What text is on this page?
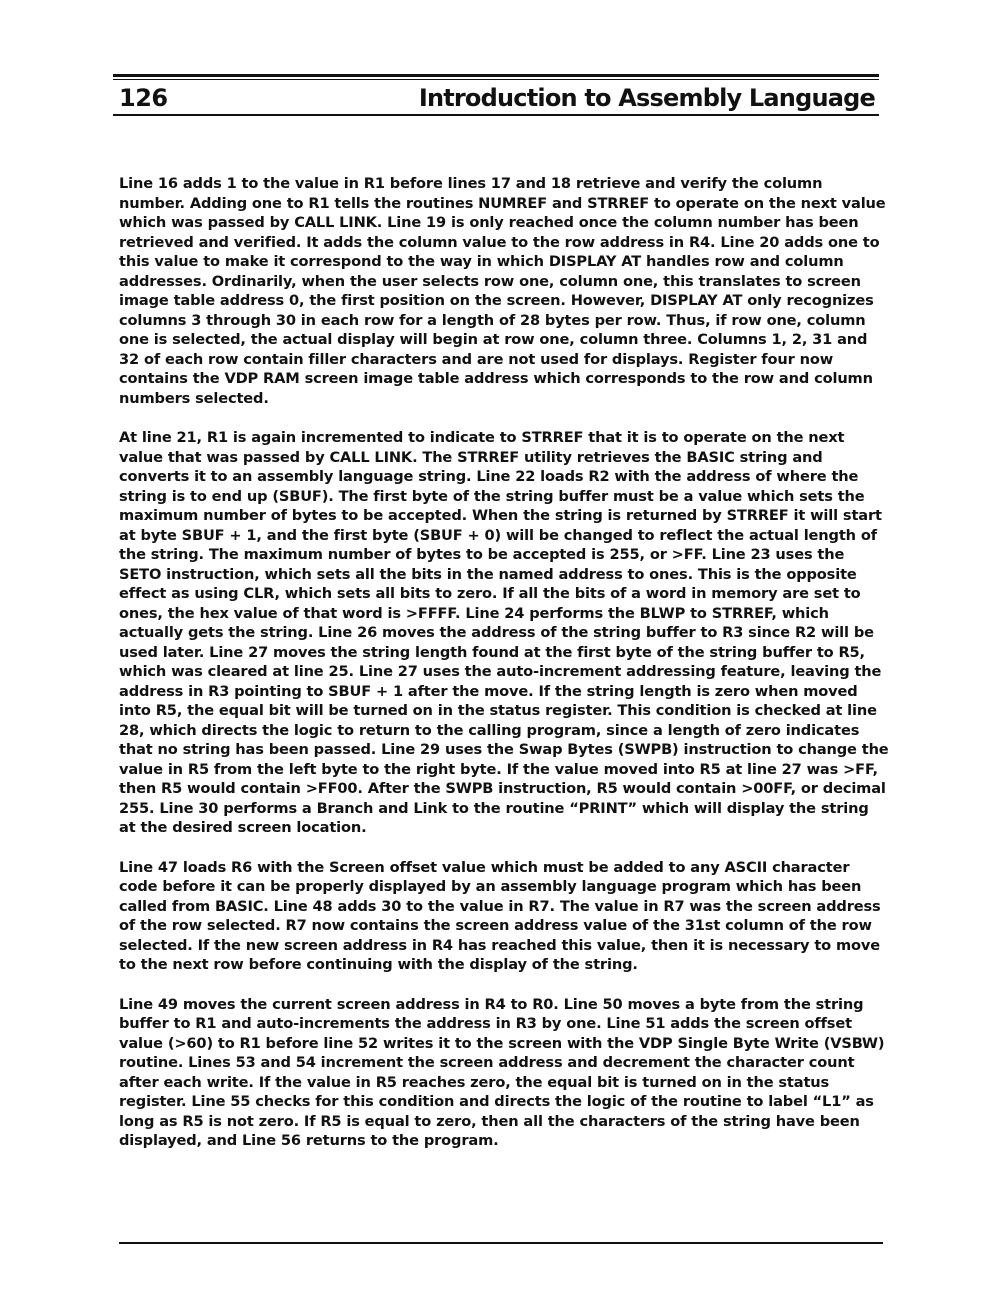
126	Introduction to Assembly Language

Line 16 adds 1 to the value in R1 before lines 17 and 18 retrieve and verify the column number. Adding one to R1 tells the routines NUMREF and STRREF to operate on the next value which was passed by CALL LINK. Line 19 is only reached once the column number has been retrieved and verified. It adds the column value to the row address in R4. Line 20 adds one to this value to make it correspond to the way in which DISPLAY AT handles row and column addresses. Ordinarily, when the user selects row one, column one, this translates to screen image table address 0, the first position on the screen. However, DISPLAY AT only recognizes columns 3 through 30 in each row for a length of 28 bytes per row. Thus, if row one, column one is selected, the actual display will begin at row one, column three. Columns 1, 2, 31 and 32 of each row contain filler characters and are not used for displays. Register four now contains the VDP RAM screen image table address which corresponds to the row and column numbers selected.

At line 21, R1 is again incremented to indicate to STRREF that it is to operate on the next value that was passed by CALL LINK. The STRREF utility retrieves the BASIC string and converts it to an assembly language string. Line 22 loads R2 with the address of where the string is to end up (SBUF). The first byte of the string buffer must be a value which sets the maximum number of bytes to be accepted. When the string is returned by STRREF it will start at byte SBUF + 1, and the first byte (SBUF + 0) will be changed to reflect the actual length of the string. The maximum number of bytes to be accepted is 255, or >FF. Line 23 uses the SETO instruction, which sets all the bits in the named address to ones. This is the opposite effect as using CLR, which sets all bits to zero. If all the bits of a word in memory are set to ones, the hex value of that word is >FFFF. Line 24 performs the BLWP to STRREF, which actually gets the string. Line 26 moves the address of the string buffer to R3 since R2 will be used later. Line 27 moves the string length found at the first byte of the string buffer to R5, which was cleared at line 25. Line 27 uses the auto-increment addressing feature, leaving the address in R3 pointing to SBUF + 1 after the move. If the string length is zero when moved into R5, the equal bit will be turned on in the status register. This condition is checked at line 28, which directs the logic to return to the calling program, since a length of zero indicates that no string has been passed. Line 29 uses the Swap Bytes (SWPB) instruction to change the value in R5 from the left byte to the right byte. If the value moved into R5 at line 27 was >FF, then R5 would contain >FF00. After the SWPB instruction, R5 would contain >00FF, or decimal 255. Line 30 performs a Branch and Link to the routine “PRINT” which will display the string at the desired screen location.

Line 47 loads R6 with the Screen offset value which must be added to any ASCII character code before it can be properly displayed by an assembly language program which has been called from BASIC. Line 48 adds 30 to the value in R7. The value in R7 was the screen address of the row selected. R7 now contains the screen address value of the 31st column of the row selected. If the new screen address in R4 has reached this value, then it is necessary to move to the next row before continuing with the display of the string.

Line 49 moves the current screen address in R4 to R0. Line 50 moves a byte from the string buffer to R1 and auto-increments the address in R3 by one. Line 51 adds the screen offset value (>60) to R1 before line 52 writes it to the screen with the VDP Single Byte Write (VSBW) routine. Lines 53 and 54 increment the screen address and decrement the character count after each write. If the value in R5 reaches zero, the equal bit is turned on in the status register. Line 55 checks for this condition and directs the logic of the routine to label “L1” as long as R5 is not zero. If R5 is equal to zero, then all the characters of the string have been displayed, and Line 56 returns to the program.
